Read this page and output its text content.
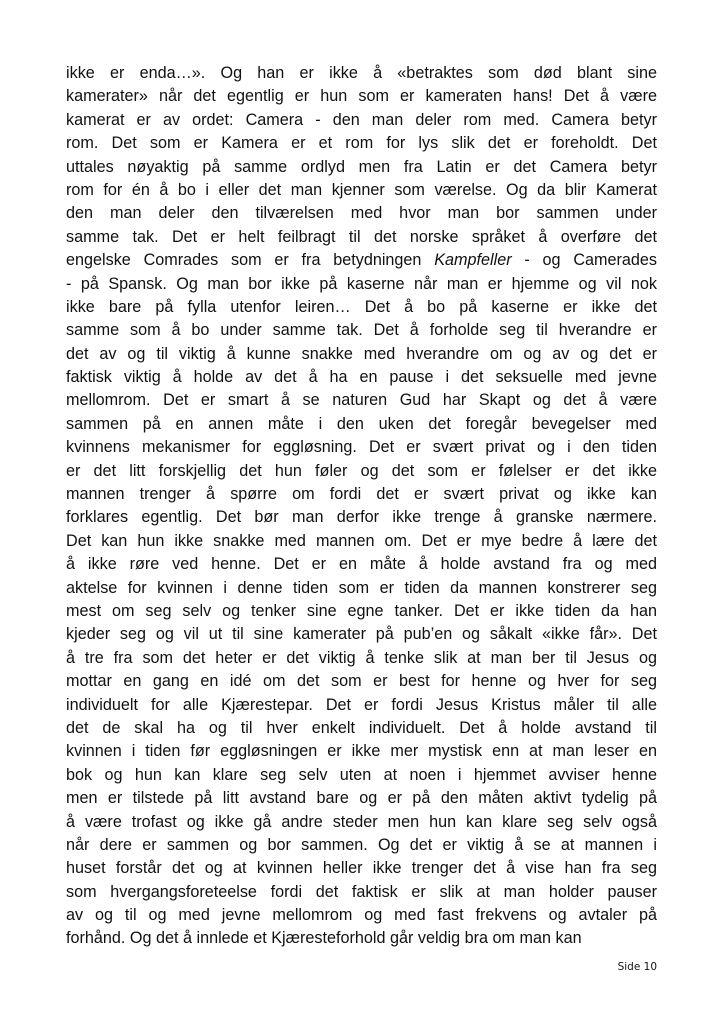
ikke er enda…». Og han er ikke å «betraktes som død blant sine
kamerater» når det egentlig er hun som er kameraten hans! Det å være
kamerat er av ordet: Camera - den man deler rom med. Camera betyr
rom. Det som er Kamera er et rom for lys slik det er foreholdt. Det
uttales nøyaktig på samme ordlyd men fra Latin er det Camera betyr
rom for én å bo i eller det man kjenner som værelse. Og da blir Kamerat
den man deler den tilværelsen med hvor man bor sammen under
samme tak. Det er helt feilbragt til det norske språket å overføre det
engelske Comrades som er fra betydningen Kampfeller - og Camerades
- på Spansk. Og man bor ikke på kaserne når man er hjemme og vil nok
ikke bare på fylla utenfor leiren… Det å bo på kaserne er ikke det
samme som å bo under samme tak. Det å forholde seg til hverandre er
det av og til viktig å kunne snakke med hverandre om og av og det er
faktisk viktig å holde av det å ha en pause i det seksuelle med jevne
mellomrom. Det er smart å se naturen Gud har Skapt og det å være
sammen på en annen måte i den uken det foregår bevegelser med
kvinnens mekanismer for eggløsning. Det er svært privat og i den tiden
er det litt forskjellig det hun føler og det som er følelser er det ikke
mannen trenger å spørre om fordi det er svært privat og ikke kan
forklares egentlig. Det bør man derfor ikke trenge å granske nærmere.
Det kan hun ikke snakke med mannen om. Det er mye bedre å lære det
å ikke røre ved henne. Det er en måte å holde avstand fra og med
aktelse for kvinnen i denne tiden som er tiden da mannen konstrerer seg
mest om seg selv og tenker sine egne tanker. Det er ikke tiden da han
kjeder seg og vil ut til sine kamerater på pub’en og såkalt «ikke får». Det
å tre fra som det heter er det viktig å tenke slik at man ber til Jesus og
mottar en gang en idé om det som er best for henne og hver for seg
individuelt for alle Kjærestepar. Det er fordi Jesus Kristus måler til alle
det de skal ha og til hver enkelt individuelt. Det å holde avstand til
kvinnen i tiden før eggløsningen er ikke mer mystisk enn at man leser en
bok og hun kan klare seg selv uten at noen i hjemmet avviser henne
men er tilstede på litt avstand bare og er på den måten aktivt tydelig på
å være trofast og ikke gå andre steder men hun kan klare seg selv også
når dere er sammen og bor sammen. Og det er viktig å se at mannen i
huset forstår det og at kvinnen heller ikke trenger det å vise han fra seg
som hvergangsforeteelse fordi det faktisk er slik at man holder pauser
av og til og med jevne mellomrom og med fast frekvens og avtaler på
forhånd. Og det å innlede et Kjæresteforhold går veldig bra om man kan
Side 10
